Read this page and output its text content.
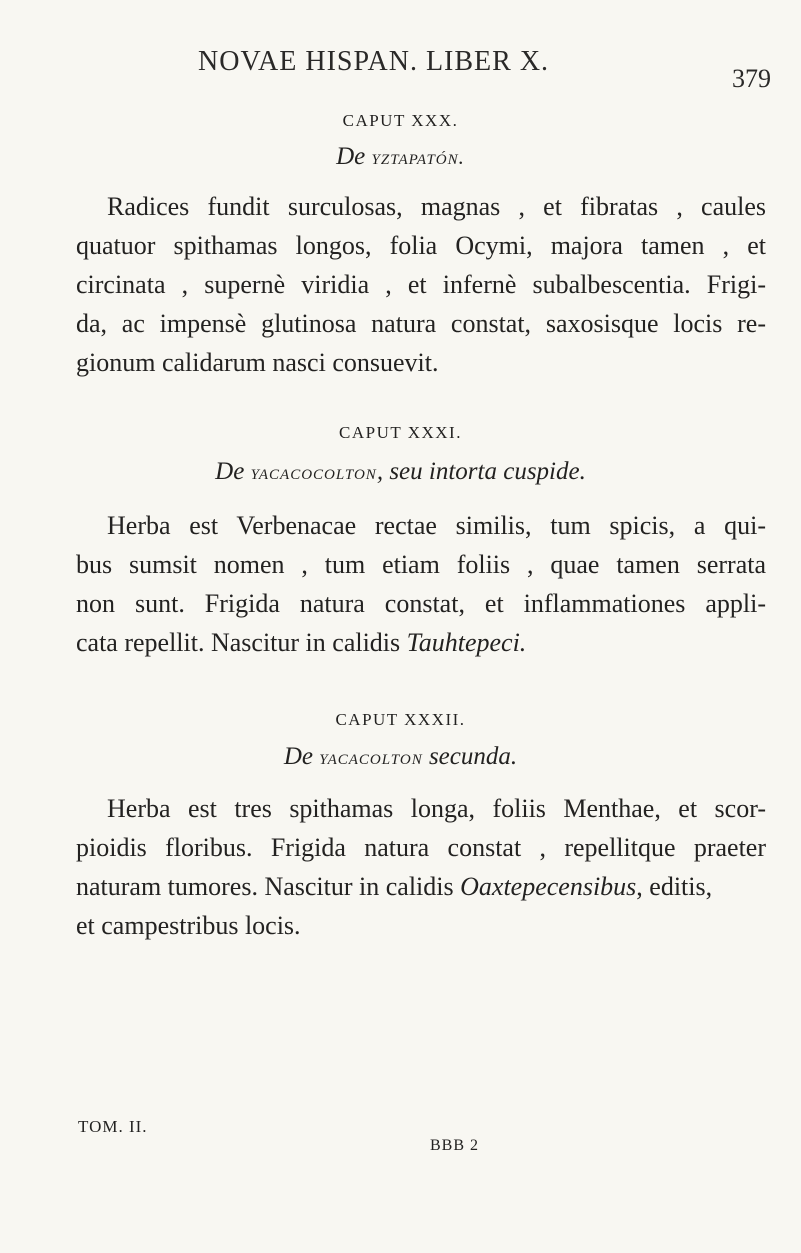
NOVAE HISPAN. LIBER X.
379
CAPUT XXX.
De yztapatón.
Radices fundit surculosas, magnas , et fibratas , caules
quatuor spithamas longos, folia Ocymi, majora tamen , et
circinata , supernè viridia , et infernè subalbescentia. Frigi-
da, ac impensè glutinosa natura constat, saxosisque locis re-
gionum calidarum nasci consuevit.
CAPUT XXXI.
De yacacocolton, seu intorta cuspide.
Herba est Verbenacae rectae similis, tum spicis, a qui-
bus sumsit nomen , tum etiam foliis , quae tamen serrata
non sunt. Frigida natura constat, et inflammationes appli-
cata repellit. Nascitur in calidis Tauhtepeci.
CAPUT XXXII.
De yacacolton secunda.
Herba est tres spithamas longa, foliis Menthae, et scor-
pioidis floribus. Frigida natura constat , repellitque praeter
naturam tumores. Nascitur in calidis Oaxtepecensibus, editis,
et campestribus locis.
TOM. II.
BBB 2
